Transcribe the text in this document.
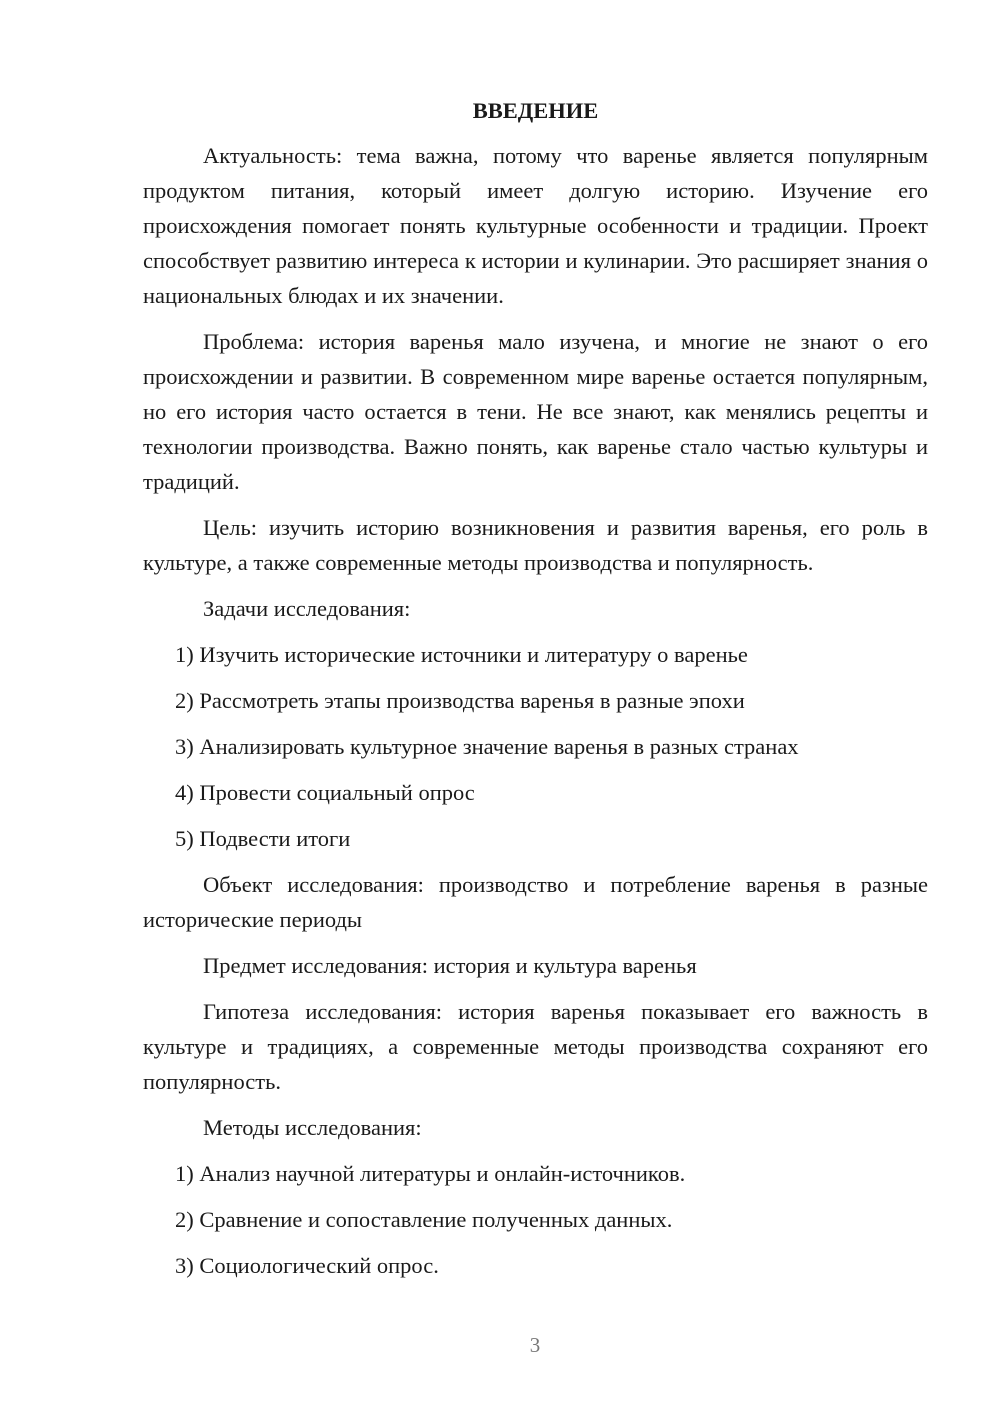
ВВЕДЕНИЕ

Актуальность: тема важна, потому что варенье является популярным продуктом питания, который имеет долгую историю. Изучение его происхождения помогает понять культурные особенности и традиции. Проект способствует развитию интереса к истории и кулинарии. Это расширяет знания о национальных блюдах и их значении.

Проблема: история варенья мало изучена, и многие не знают о его происхождении и развитии. В современном мире варенье остается популярным, но его история часто остается в тени. Не все знают, как менялись рецепты и технологии производства. Важно понять, как варенье стало частью культуры и традиций.

Цель: изучить историю возникновения и развития варенья, его роль в культуре, а также современные методы производства и популярность.

Задачи исследования:

1) Изучить исторические источники и литературу о варенье
2) Рассмотреть этапы производства варенья в разные эпохи
3) Анализировать культурное значение варенья в разных странах
4) Провести социальный опрос
5) Подвести итоги

Объект исследования: производство и потребление варенья в разные исторические периоды

Предмет исследования: история и культура варенья

Гипотеза исследования: история варенья показывает его важность в культуре и традициях, а современные методы производства сохраняют его популярность.

Методы исследования:

1) Анализ научной литературы и онлайн-источников.
2) Сравнение и сопоставление полученных данных.
3) Социологический опрос.
3
